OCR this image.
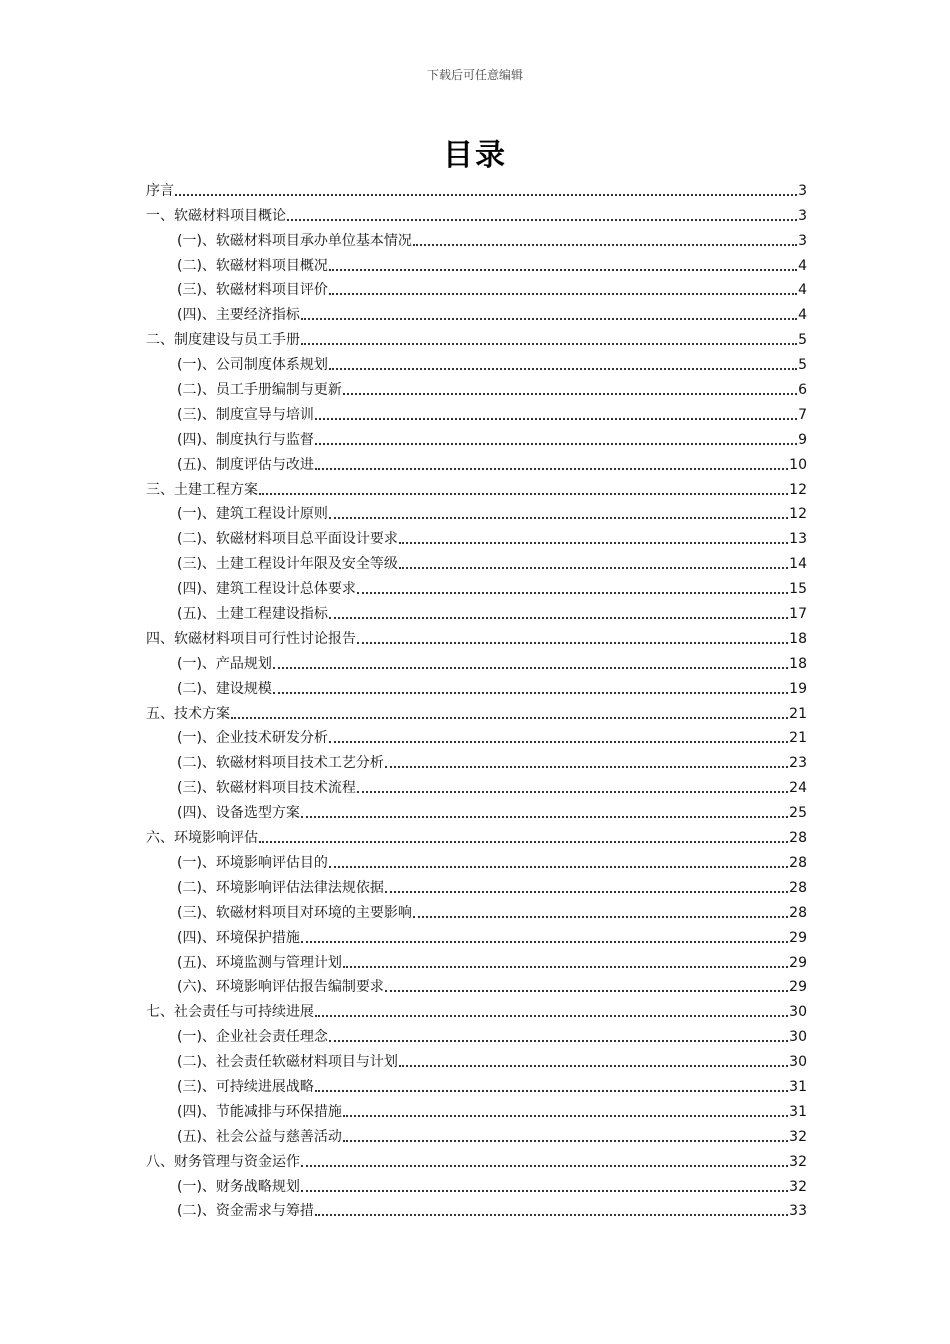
下载后可任意编辑
目录
序言	3
一、软磁材料项目概论	3
(一)、软磁材料项目承办单位基本情况	3
(二)、软磁材料项目概况	4
(三)、软磁材料项目评价	4
(四)、主要经济指标	4
二、制度建设与员工手册	5
(一)、公司制度体系规划	5
(二)、员工手册编制与更新	6
(三)、制度宣导与培训	7
(四)、制度执行与监督	9
(五)、制度评估与改进	10
三、土建工程方案	12
(一)、建筑工程设计原则	12
(二)、软磁材料项目总平面设计要求	13
(三)、土建工程设计年限及安全等级	14
(四)、建筑工程设计总体要求	15
(五)、土建工程建设指标	17
四、软磁材料项目可行性讨论报告	18
(一)、产品规划	18
(二)、建设规模	19
五、技术方案	21
(一)、企业技术研发分析	21
(二)、软磁材料项目技术工艺分析	23
(三)、软磁材料项目技术流程	24
(四)、设备选型方案	25
六、环境影响评估	28
(一)、环境影响评估目的	28
(二)、环境影响评估法律法规依据	28
(三)、软磁材料项目对环境的主要影响	28
(四)、环境保护措施	29
(五)、环境监测与管理计划	29
(六)、环境影响评估报告编制要求	29
七、社会责任与可持续进展	30
(一)、企业社会责任理念	30
(二)、社会责任软磁材料项目与计划	30
(三)、可持续进展战略	31
(四)、节能减排与环保措施	31
(五)、社会公益与慈善活动	32
八、财务管理与资金运作	32
(一)、财务战略规划	32
(二)、资金需求与筹措	33
